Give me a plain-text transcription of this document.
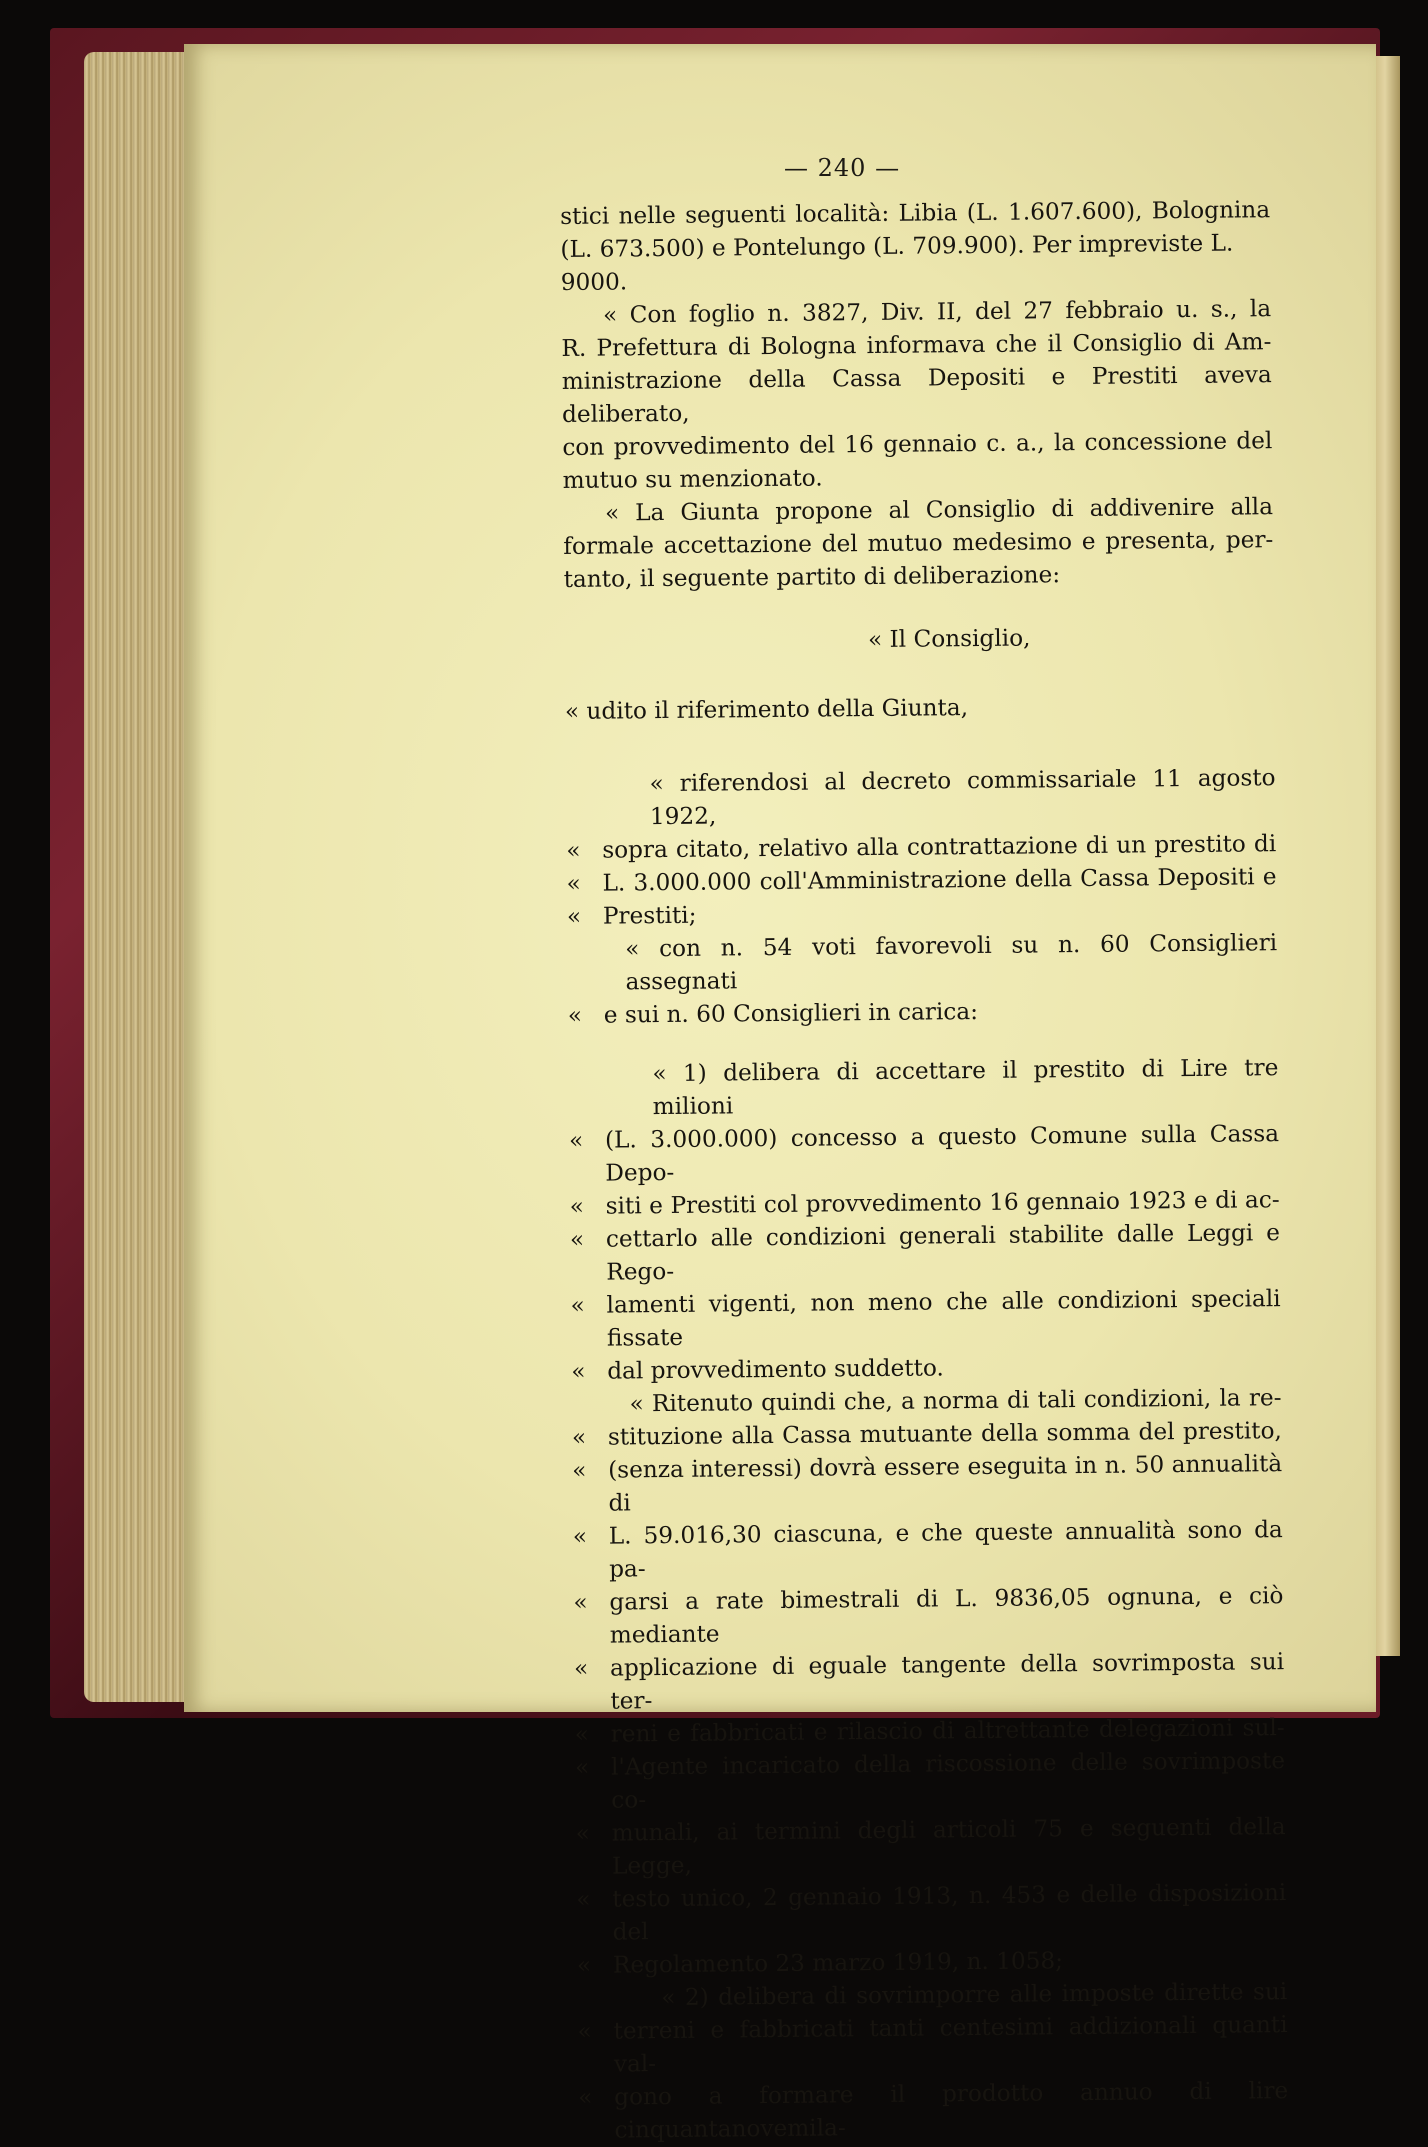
— 240 —
stici nelle seguenti località: Libia (L. 1.607.600), Bolognina
(L. 673.500) e Pontelungo (L. 709.900). Per impreviste L. 9000.
« Con foglio n. 3827, Div. II, del 27 febbraio u. s., la
R. Prefettura di Bologna informava che il Consiglio di Am-
ministrazione della Cassa Depositi e Prestiti aveva deliberato,
con provvedimento del 16 gennaio c. a., la concessione del
mutuo su menzionato.
« La Giunta propone al Consiglio di addivenire alla
formale accettazione del mutuo medesimo e presenta, per-
tanto, il seguente partito di deliberazione:
« Il Consiglio,
« udito il riferimento della Giunta,
« riferendosi al decreto commissariale 11 agosto 1922,
« sopra citato, relativo alla contrattazione di un prestito di
« L. 3.000.000 coll'Amministrazione della Cassa Depositi e
« Prestiti;
« con n. 54 voti favorevoli su n. 60 Consiglieri assegnati
« e sui n. 60 Consiglieri in carica:
« 1) delibera di accettare il prestito di Lire tre milioni
« (L. 3.000.000) concesso a questo Comune sulla Cassa Depo-
« siti e Prestiti col provvedimento 16 gennaio 1923 e di ac-
« cettarlo alle condizioni generali stabilite dalle Leggi e Rego-
« lamenti vigenti, non meno che alle condizioni speciali fissate
« dal provvedimento suddetto.
« Ritenuto quindi che, a norma di tali condizioni, la re-
« stituzione alla Cassa mutuante della somma del prestito,
« (senza interessi) dovrà essere eseguita in n. 50 annualità di
« L. 59.016,30 ciascuna, e che queste annualità sono da pa-
« garsi a rate bimestrali di L. 9836,05 ognuna, e ciò mediante
« applicazione di eguale tangente della sovrimposta sui ter-
« reni e fabbricati e rilascio di altrettante delegazioni sul-
« l'Agente incaricato della riscossione delle sovrimposte co-
« munali, ai termini degli articoli 75 e seguenti della Legge,
« testo unico, 2 gennaio 1913, n. 453 e delle disposizioni del
« Regolamento 23 marzo 1919, n. 1058;
« 2) delibera di sovrimporre alle imposte dirette sui
« terreni e fabbricati tanti centesimi addizionali quanti val-
« gono a formare il prodotto annuo di lire cinquantanovemila-
